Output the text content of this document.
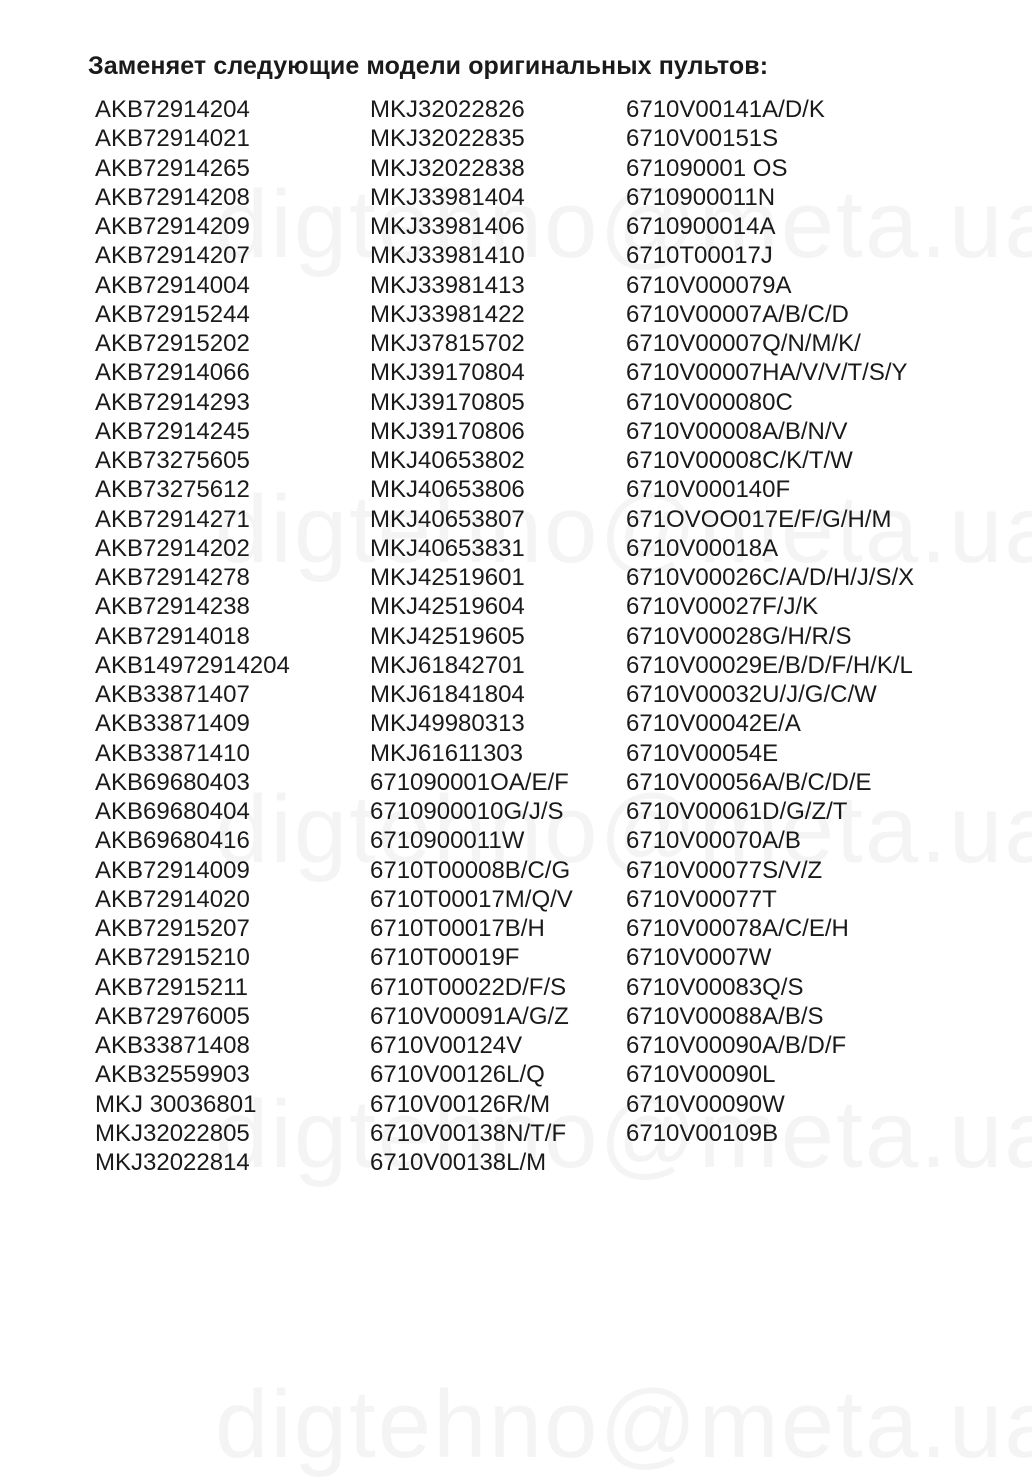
Заменяет следующие модели оригинальных пультов:
AKB72914204
AKB72914021
AKB72914265
AKB72914208
AKB72914209
AKB72914207
AKB72914004
AKB72915244
AKB72915202
AKB72914066
AKB72914293
AKB72914245
AKB73275605
AKB73275612
AKB72914271
AKB72914202
AKB72914278
AKB72914238
AKB72914018
AKB14972914204
AKB33871407
AKB33871409
AKB33871410
AKB69680403
AKB69680404
AKB69680416
AKB72914009
AKB72914020
AKB72915207
AKB72915210
AKB72915211
AKB72976005
AKB33871408
AKB32559903
MKJ 30036801
MKJ32022805
MKJ32022814
MKJ32022826
MKJ32022835
MKJ32022838
MKJ33981404
MKJ33981406
MKJ33981410
MKJ33981413
MKJ33981422
MKJ37815702
MKJ39170804
MKJ39170805
MKJ39170806
MKJ40653802
MKJ40653806
MKJ40653807
MKJ40653831
MKJ42519601
MKJ42519604
MKJ42519605
MKJ61842701
MKJ61841804
MKJ49980313
MKJ61611303
671090001OA/E/F
6710900010G/J/S
6710900011W
6710T00008B/C/G
6710T00017M/Q/V
6710T00017B/H
6710T00019F
6710T00022D/F/S
6710V00091A/G/Z
6710V00124V
6710V00126L/Q
6710V00126R/M
6710V00138N/T/F
6710V00138L/M
6710V00141A/D/K
6710V00151S
671090001 OS
6710900011N
6710900014A
6710T00017J
6710V000079A
6710V00007A/B/C/D
6710V00007Q/N/M/K/
6710V00007HA/V/V/T/S/Y
6710V000080C
6710V00008A/B/N/V
6710V00008C/K/T/W
6710V000140F
671OVOO017E/F/G/H/M
6710V00018A
6710V00026C/A/D/H/J/S/X
6710V00027F/J/K
6710V00028G/H/R/S
6710V00029E/B/D/F/H/K/L
6710V00032U/J/G/C/W
6710V00042E/A
6710V00054E
6710V00056A/B/C/D/E
6710V00061D/G/Z/T
6710V00070A/B
6710V00077S/V/Z
6710V00077T
6710V00078A/C/E/H
6710V0007W
6710V00083Q/S
6710V00088A/B/S
6710V00090A/B/D/F
6710V00090L
6710V00090W
6710V00109B
